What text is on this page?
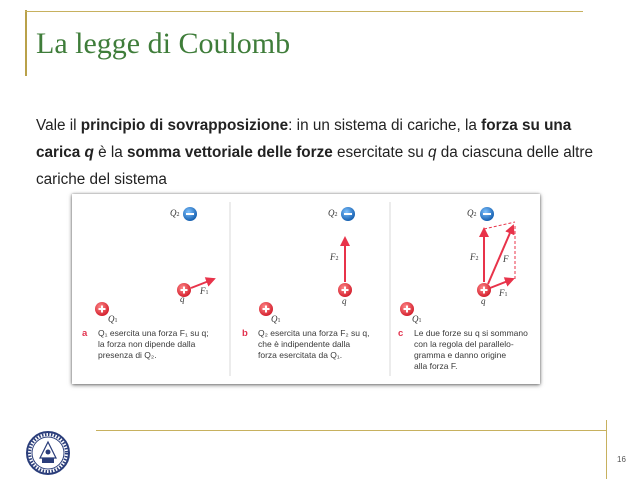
La legge di Coulomb
Vale il principio di sovrapposizione: in un sistema di cariche, la forza su una carica q è la somma vettoriale delle forze esercitate su q da ciascuna delle altre cariche del sistema
Q2
q
F1
Q1
a Q₁ esercita una forza F₁ su q;
la forza non dipende dalla
presenza di Q₂.
Q2
F2
q
Q1
b Q₂ esercita una forza F₂ su q,
che è indipendente dalla
forza esercitata da Q₁.
Q2
F2	F
q
F1
Q1
c Le due forze su q si sommano
con la regola del parallelo-
gramma e danno origine
alla forza F.
16
